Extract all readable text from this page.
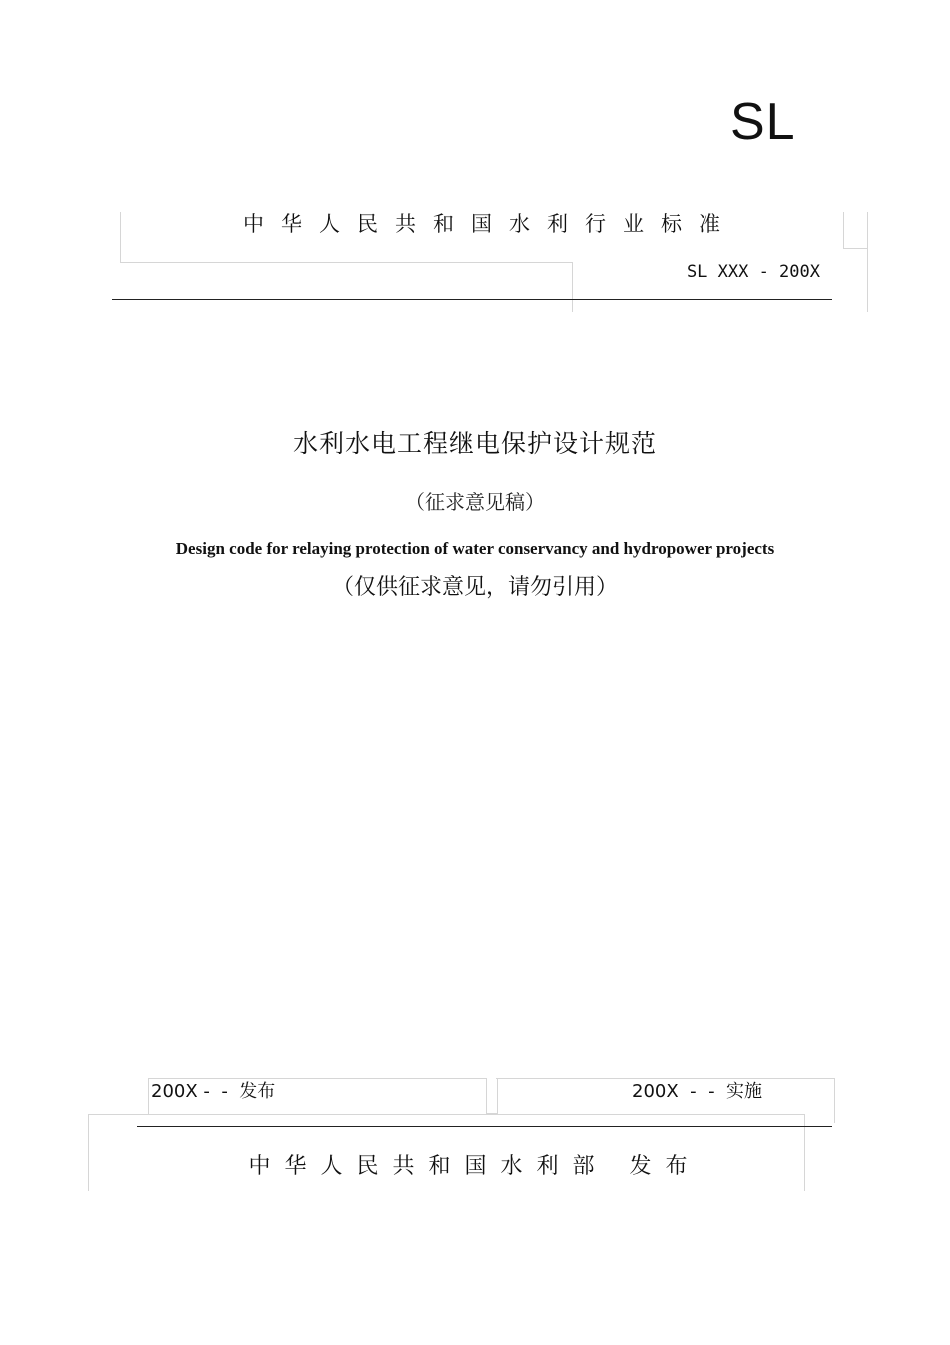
SL
中华人民共和国水利行业标准
SL XXX - 200X
水利水电工程继电保护设计规范
（征求意见稿）
Design code for relaying protection of water conservancy and hydropower projects
（仅供征求意见，请勿引用）
200X -  -  发布	200X  -  -  实施
中华人民共和国水利部 发布
